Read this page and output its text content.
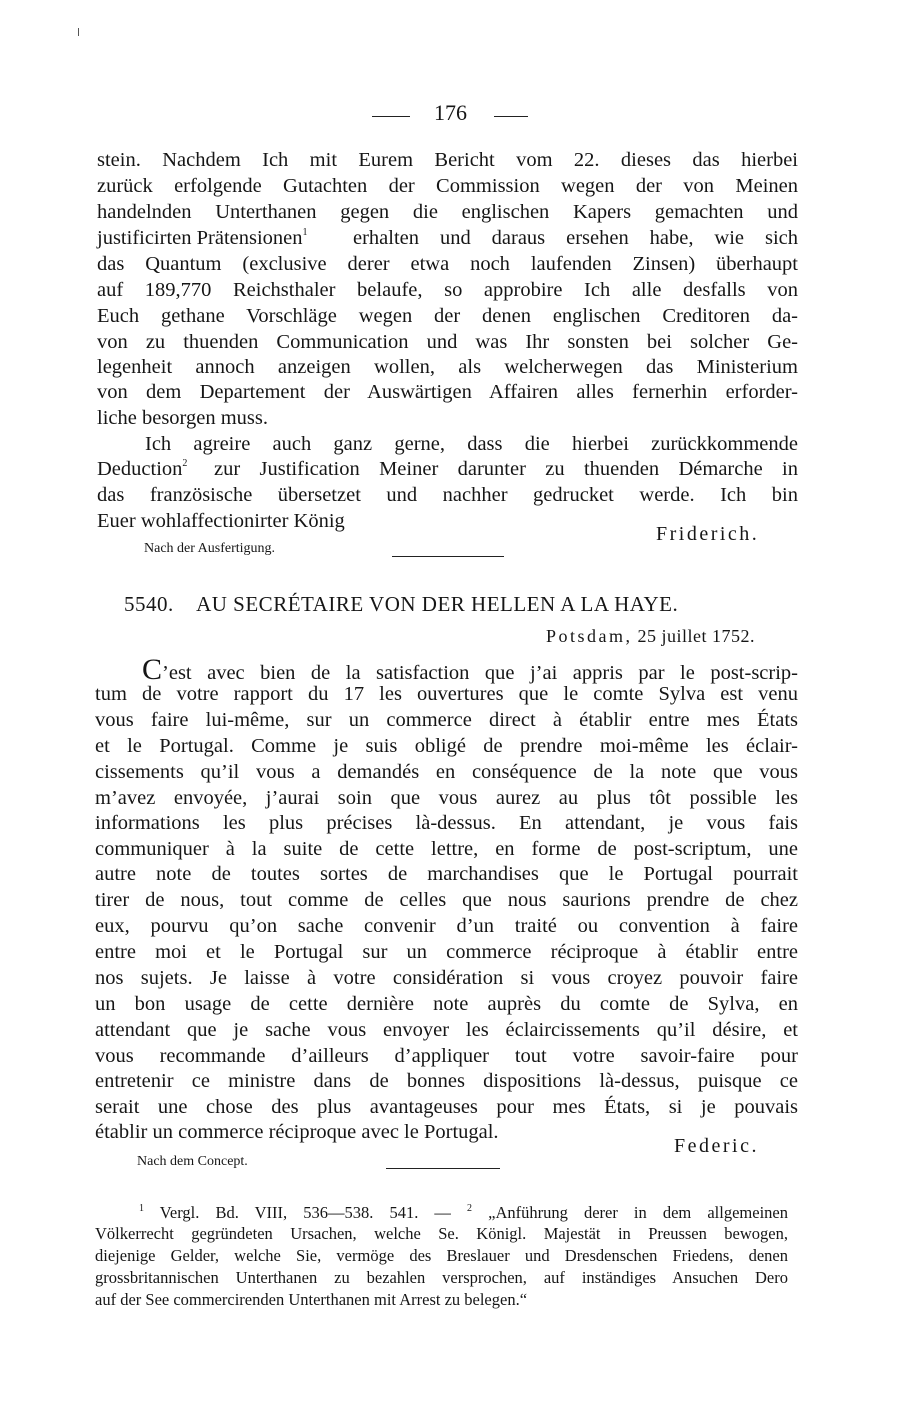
176
stein. Nachdem Ich mit Eurem Bericht vom 22. dieses das hierbei
zurück erfolgende Gutachten der Commission wegen der von Meinen
handelnden Unterthanen gegen die englischen Kapers gemachten und
justificirten Prätensionen$^1$ erhalten und daraus ersehen habe, wie sich
das Quantum (exclusive derer etwa noch laufenden Zinsen) überhaupt
auf 189,770 Reichsthaler belaufe, so approbire Ich alle desfalls von
Euch gethane Vorschläge wegen der denen englischen Creditoren da-
von zu thuenden Communication und was Ihr sonsten bei solcher Ge-
legenheit annoch anzeigen wollen, als welcherwegen das Ministerium
von dem Departement der Auswärtigen Affairen alles fernerhin erforder-
liche besorgen muss.
Ich agreire auch ganz gerne, dass die hierbei zurückkommende
Deduction$^2$ zur Justification Meiner darunter zu thuenden Démarche in
das französische übersetzet und nachher gedrucket werde. Ich bin
Euer wohlaffectionirter König
Friderich.
Nach der Ausfertigung.
5540. AU SECRÉTAIRE VON DER HELLEN A LA HAYE.
Potsdam, 25 juillet 1752.
C’est avec bien de la satisfaction que j’ai appris par le post-scrip-
tum de votre rapport du 17 les ouvertures que le comte Sylva est venu
vous faire lui-même, sur un commerce direct à établir entre mes États
et le Portugal. Comme je suis obligé de prendre moi-même les éclair-
cissements qu’il vous a demandés en conséquence de la note que vous
m’avez envoyée, j’aurai soin que vous aurez au plus tôt possible les
informations les plus précises là-dessus. En attendant, je vous fais
communiquer à la suite de cette lettre, en forme de post-scriptum, une
autre note de toutes sortes de marchandises que le Portugal pourrait
tirer de nous, tout comme de celles que nous saurions prendre de chez
eux, pourvu qu’on sache convenir d’un traité ou convention à faire
entre moi et le Portugal sur un commerce réciproque à établir entre
nos sujets. Je laisse à votre considération si vous croyez pouvoir faire
un bon usage de cette dernière note auprès du comte de Sylva, en
attendant que je sache vous envoyer les éclaircissements qu’il désire, et
vous recommande d’ailleurs d’appliquer tout votre savoir-faire pour
entretenir ce ministre dans de bonnes dispositions là-dessus, puisque ce
serait une chose des plus avantageuses pour mes États, si je pouvais
établir un commerce réciproque avec le Portugal.
Federic.
Nach dem Concept.
$^1$ Vergl. Bd. VIII, 536—538. 541. — $^2$ „Anführung derer in dem allgemeinen
Völkerrecht gegründeten Ursachen, welche Se. Königl. Majestät in Preussen bewogen,
diejenige Gelder, welche Sie, vermöge des Breslauer und Dresdenschen Friedens, denen
grossbritannischen Unterthanen zu bezahlen versprochen, auf inständiges Ansuchen Dero
auf der See commercirenden Unterthanen mit Arrest zu belegen.“
